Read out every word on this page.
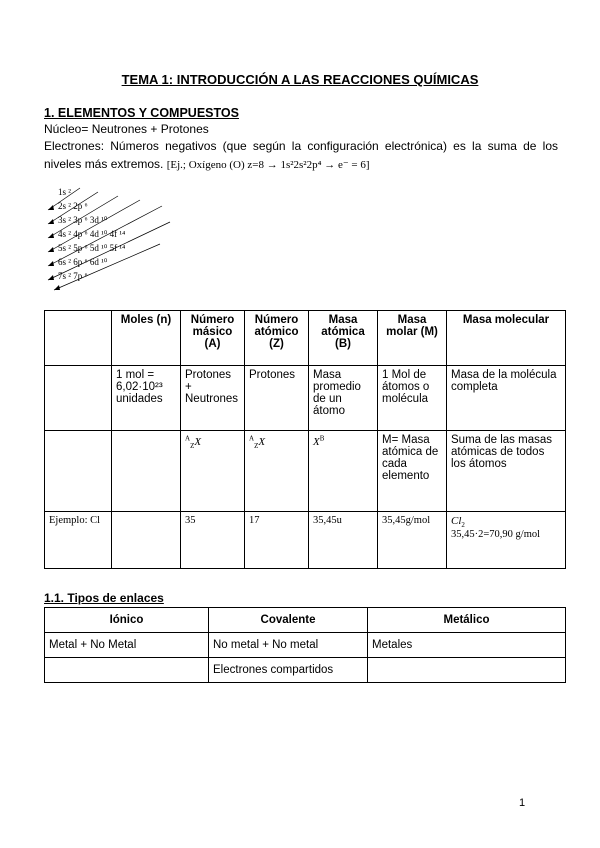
TEMA 1: INTRODUCCIÓN A LAS REACCIONES QUÍMICAS
1. ELEMENTOS Y COMPUESTOS
Núcleo= Neutrones + Protones
Electrones: Números negativos (que según la configuración electrónica) es la suma de los niveles más extremos. [Ej.; Oxígeno (O) z=8 → 1s²2s²2p⁴ → e⁻ = 6]
1s ²
2s ² 2p ⁶
3s ² 3p ⁶ 3d ¹⁰
4s ² 4p ⁶ 4d ¹⁰ 4f ¹⁴
5s ² 5p ⁶ 5d ¹⁰ 5f ¹⁴
6s ² 6p ⁶ 6d ¹⁰
7s ² 7p ⁶
	Moles (n)	Número másico (A)	Número atómico (Z)	Masa atómica (B)	Masa molar (M)	Masa molecular
	1 mol = 6,02·10²³ unidades	Protones + Neutrones	Protones	Masa promedio de un átomo	1 Mol de átomos o molécula	Masa de la molécula completa
		$^A_Z$X	$^A_Z$X	$X^B$	M= Masa atómica de cada elemento	Suma de las masas atómicas de todos los átomos
Ejemplo: Cl		35	17	35,45u	35,45g/mol	$Cl_2$
35,45·2=70,90 g/mol
1.1. Tipos de enlaces
Iónico	Covalente	Metálico
Metal + No Metal	No metal + No metal	Metales
	Electrones compartidos	
1
